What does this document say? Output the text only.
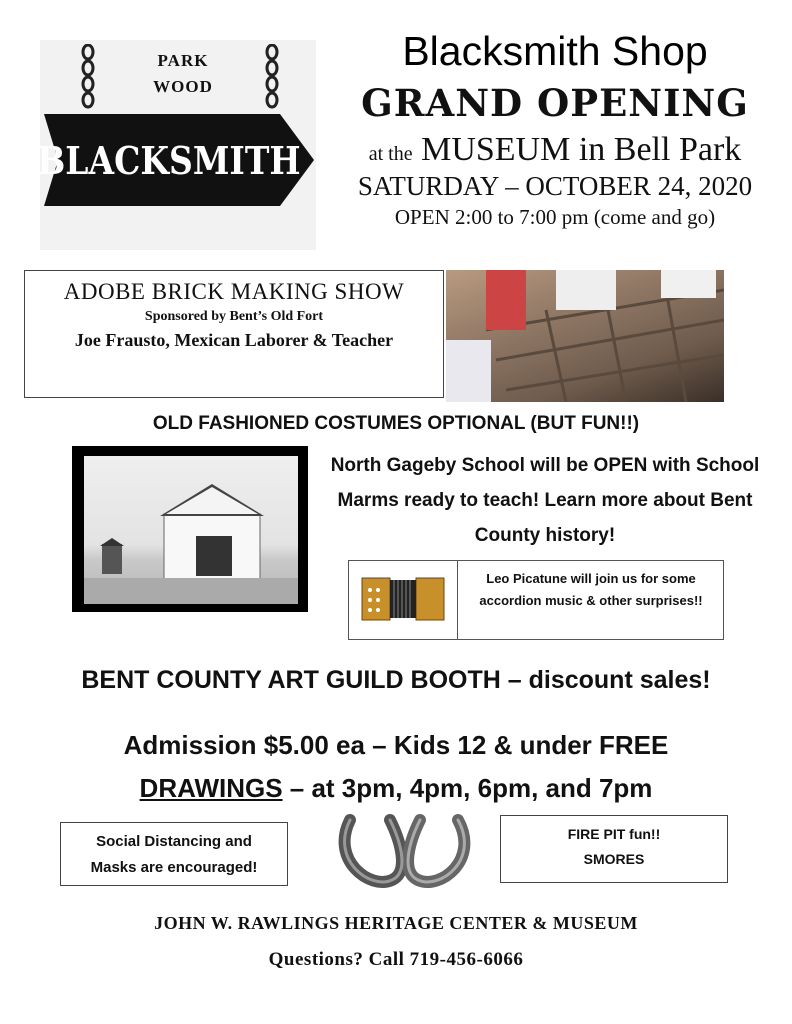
PARK
WOOD
BLACKSMITH
Blacksmith Shop
GRAND OPENING
at the MUSEUM in Bell Park
SATURDAY – OCTOBER 24, 2020
OPEN 2:00 to 7:00 pm (come and go)
ADOBE BRICK MAKING SHOW
Sponsored by Bent’s Old Fort
Joe Frausto, Mexican Laborer & Teacher
OLD FASHIONED COSTUMES OPTIONAL (BUT FUN!!)
North Gageby School will be OPEN with School Marms ready to teach! Learn more about Bent County history!
Leo Picatune will join us for some accordion music & other surprises!!
BENT COUNTY ART GUILD BOOTH – discount sales!
Admission $5.00 ea – Kids 12 & under FREE
DRAWINGS – at 3pm, 4pm, 6pm, and 7pm
Social Distancing and
Masks are encouraged!
FIRE PIT fun!!
SMORES
JOHN W. RAWLINGS HERITAGE CENTER & MUSEUM
Questions? Call 719-456-6066
